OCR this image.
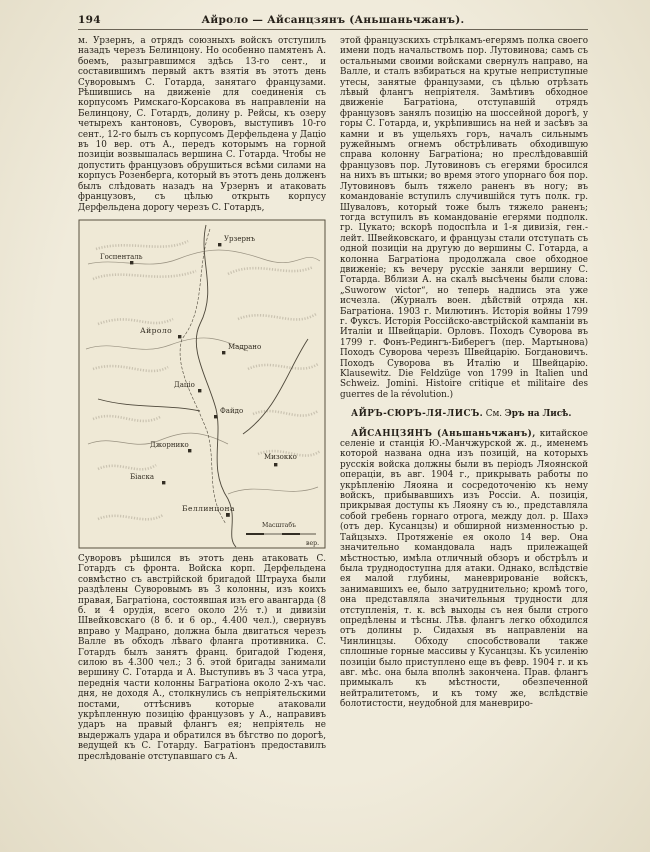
194	Айроло — Айсанцзянъ (Аньшаньчжанъ).

м. Урзернъ, а отрядъ союзныхъ войскъ отступилъ назадъ черезъ Белинцону. Но особенно памятенъ А. боемъ, разыгравшимся здѣсь 13-го сент., и составившимъ первый актъ взятія въ этотъ день Суворовымъ С. Готарда, занятаго французами. Рѣшившись на движеніе для соединенія съ корпусомъ Римскаго-Корсакова въ направленіи на Белинцону, С. Готардъ, долину р. Рейсы, къ озеру четырехъ кантоновъ, Суворовъ, выступивъ 10-го сент., 12-го былъ съ корпусомъ Дерфельдена у Даціо въ 10 вер. отъ А., передъ которымъ на горной позиціи возвышалась вершина С. Готарда. Чтобы не допустить французовъ обрушиться всѣми силами на корпусъ Розенберга, который въ этотъ день долженъ былъ слѣдовать назадъ на Урзернъ и атаковать французовъ, съ цѣлью открыть корпусу Дерфельдена дорогу черезъ С. Готардъ,

Урзернъ
Госпенталь
Айроло
Мадрано
Даціо
Файдо
Джорнико
Біаска
Беллинцона
Мизокко
Масштабъ
вер.

Суворовъ рѣшился въ этотъ день атаковать С. Готардъ съ фронта. Войска корп. Дерфельдена совмѣстно съ австрійской бригадой Штрауха были раздѣлены Суворовымъ въ 3 колонны, изъ коихъ правая, Багратіона, состоявшая изъ его авангарда (8 б. и 4 орудія, всего около 2½ т.) и дивизіи Швейковскаго (8 б. и 6 ор., 4.400 чел.), свернувъ вправо у Мадрано, должна была двигаться черезъ Валле въ обходъ лѣваго фланга противника. С. Готардъ былъ занятъ франц. бригадой Гюденя, силою въ 4.300 чел.; 3 б. этой бригады занимали вершину С. Готарда и А. Выступивъ въ 3 часа утра, переднія части колонны Багратіона около 2-хъ час. дня, не доходя А., столкнулись съ непріятельскими постами, оттѣснивъ которые атаковали укрѣпленную позицію французовъ у А., направивъ ударъ на правый флангъ ея; непріятель не выдержалъ удара и обратился въ бѣгство по дорогѣ, ведущей къ С. Готарду. Багратіонъ предоставилъ преслѣдованіе отступавшаго съ А.

этой французскихъ стрѣлкамъ-егерямъ полка своего имени подъ начальствомъ пор. Лутовинова; самъ съ остальными своими войсками свернулъ направо, на Валле, и сталъ взбираться на крутые неприступные утесы, занятые французами, съ цѣлью отрѣзать лѣвый флангъ непріятеля. Замѣтивъ обходное движеніе Багратіона, отступавшій отрядъ французовъ занялъ позицію на шоссейной дорогѣ, у горы С. Готарда, и, укрѣпившись на ней и засѣвъ за камни и въ ущельяхъ горъ, началъ сильнымъ ружейнымъ огнемъ обстрѣливать обходившую справа колонну Багратіона; но преслѣдовавшій французовъ пор. Лутовиновъ съ егерями бросился на нихъ въ штыки; во время этого упорнаго боя пор. Лутовиновъ былъ тяжело раненъ въ ногу; въ командованіе вступилъ случившійся тутъ полк. гр. Шуваловъ, который тоже былъ тяжело раненъ; тогда вступилъ въ командованіе егерями подполк. гр. Цукато; вскорѣ подоспѣла и 1-я дивизія, ген.-лейт. Швейковскаго, и французы стали отступать съ одной позиціи на другую до вершины С. Готарда, а колонна Багратіона продолжала свое обходное движеніе; къ вечеру русскіе заняли вершину С. Готарда. Вблизи А. на скалѣ высѣчены были слова: „Suworow victor“, но теперь надпись эта уже исчезла. (Журналъ воен. дѣйствій отряда кн. Багратіона. 1903 г. Милютинъ. Исторія войны 1799 г. Фуксъ. Исторія Россійско-австрійской кампаніи въ Италіи и Швейцаріи. Орловъ. Походъ Суворова въ 1799 г. Фонъ-Редингъ-Биберегъ (пер. Мартынова) Походъ Суворова черезъ Швейцарію. Богдановичъ. Походъ Суворова въ Италію и Швейцарію. Klausewitz. Die Feldzüge von 1799 in Italien und Schweiz. Jomini. Histoire critique et militaire des guerres de la révolution.)

АЙРЪ-СЮРЪ-ЛЯ-ЛИСЪ. См. Эръ на Лисѣ.

АЙСАНЦЗЯНЪ (Аньшаньчжанъ), китайское селеніе и станція Ю.-Манчжурской ж. д., именемъ которой названа одна изъ позицій, на которыхъ русскія войска должны были въ періодъ Ляоянской операціи, въ авг. 1904 г., прикрывать работы по укрѣпленію Ляояна и сосредоточенію къ нему войскъ, прибывавшихъ изъ Россіи. А. позиція, прикрывая доступы къ Ляояну съ ю., представляла собой гребень горнаго отрога, между дол. р. Шахэ (отъ дер. Кусанцзы) и обширной низменностью р. Тайцзыхэ. Протяженіе ея около 14 вер. Она значительно командовала надъ прилежащей мѣстностью, имѣла отличный обзоръ и обстрѣлъ и была труднодоступна для атаки. Однако, вслѣдствіе ея малой глубины, маневрированіе войскъ, занимавшихъ ее, было затруднительно; кромѣ того, она представляла значительныя трудности для отступленія, т. к. всѣ выходы съ нея были строго опредѣлены и тѣсны. Лѣв. флангъ легко обходился отъ долины р. Сидахыя въ направленіи на Чинлинцзы. Обходу способствовали также сплошные горные массивы у Кусанцзы. Къ усиленію позиціи было приступлено еще въ февр. 1904 г. и къ авг. мѣс. она была вполнѣ закончена. Прав. флангъ примыкалъ къ мѣстности, обезпеченной нейтралитетомъ, и къ тому же, вслѣдствіе болотистости, неудобной для маневриро-
